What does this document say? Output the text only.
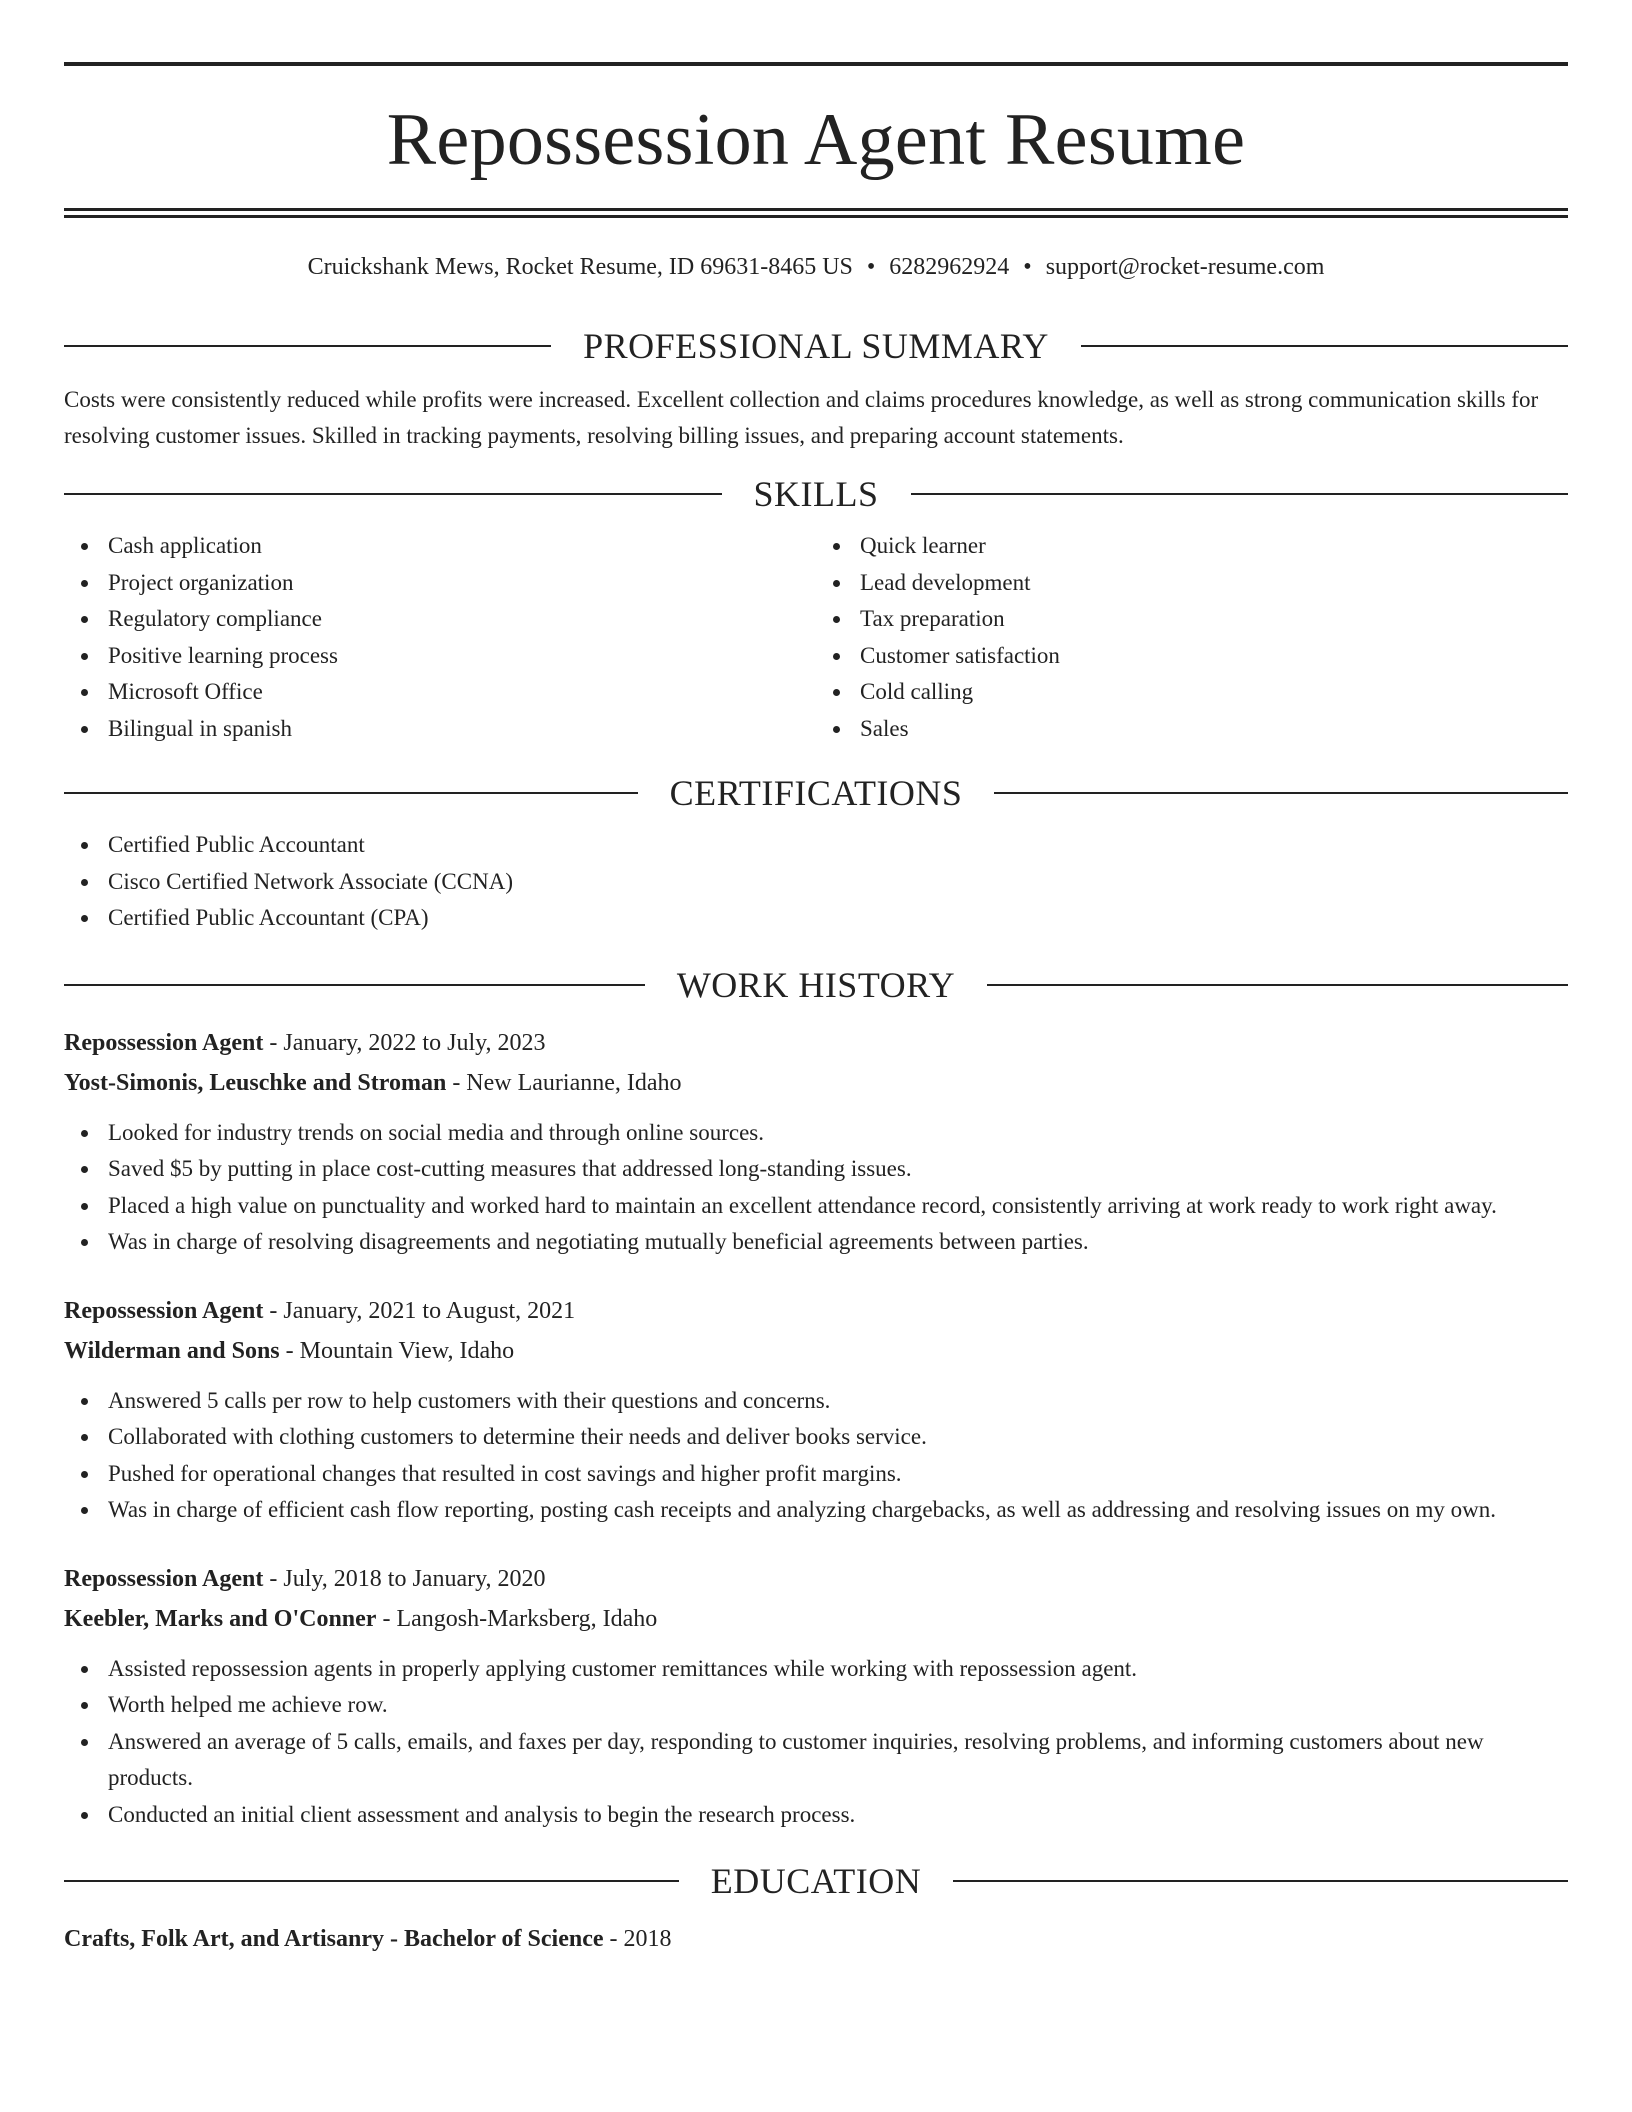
Repossession Agent Resume
Cruickshank Mews, Rocket Resume, ID 69631-8465 US • 6282962924 • support@rocket-resume.com
PROFESSIONAL SUMMARY

Costs were consistently reduced while profits were increased. Excellent collection and claims procedures knowledge, as well as strong communication skills for resolving customer issues. Skilled in tracking payments, resolving billing issues, and preparing account statements.

SKILLS
Cash application
Project organization
Regulatory compliance
Positive learning process
Microsoft Office
Bilingual in spanish
Quick learner
Lead development
Tax preparation
Customer satisfaction
Cold calling
Sales
CERTIFICATIONS
Certified Public Accountant
Cisco Certified Network Associate (CCNA)
Certified Public Accountant (CPA)
WORK HISTORY
Repossession Agent - January, 2022 to July, 2023
Yost-Simonis, Leuschke and Stroman - New Laurianne, Idaho
Looked for industry trends on social media and through online sources.
Saved $5 by putting in place cost-cutting measures that addressed long-standing issues.
Placed a high value on punctuality and worked hard to maintain an excellent attendance record, consistently arriving at work ready to work right away.
Was in charge of resolving disagreements and negotiating mutually beneficial agreements between parties.
Repossession Agent - January, 2021 to August, 2021
Wilderman and Sons - Mountain View, Idaho
Answered 5 calls per row to help customers with their questions and concerns.
Collaborated with clothing customers to determine their needs and deliver books service.
Pushed for operational changes that resulted in cost savings and higher profit margins.
Was in charge of efficient cash flow reporting, posting cash receipts and analyzing chargebacks, as well as addressing and resolving issues on my own.
Repossession Agent - July, 2018 to January, 2020
Keebler, Marks and O'Conner - Langosh-Marksberg, Idaho
Assisted repossession agents in properly applying customer remittances while working with repossession agent.
Worth helped me achieve row.
Answered an average of 5 calls, emails, and faxes per day, responding to customer inquiries, resolving problems, and informing customers about new products.
Conducted an initial client assessment and analysis to begin the research process.
EDUCATION
Crafts, Folk Art, and Artisanry - Bachelor of Science - 2018
